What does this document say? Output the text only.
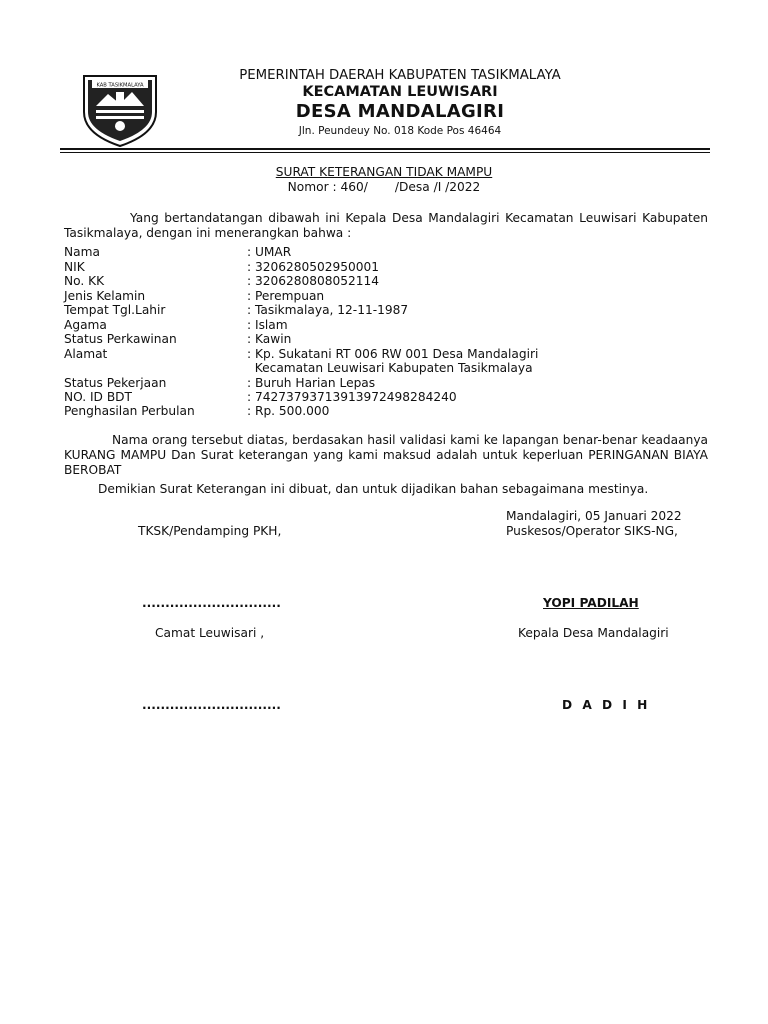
KAB TASIKMALAYA
PEMERINTAH DAERAH KABUPATEN TASIKMALAYA
KECAMATAN LEUWISARI
DESA MANDALAGIRI
Jln. Peundeuy No. 018 Kode Pos 46464
SURAT KETERANGAN TIDAK MAMPU
Nomor : 460/       /Desa /I /2022
Yang bertandatangan dibawah ini Kepala Desa Mandalagiri Kecamatan Leuwisari Kabupaten Tasikmalaya, dengan ini menerangkan bahwa :
Nama	: UMAR
NIK	: 3206280502950001
No. KK	: 3206280808052114
Jenis Kelamin	: Perempuan
Tempat Tgl.Lahir	: Tasikmalaya, 12-11-1987
Agama	: Islam
Status Perkawinan	: Kawin
Alamat	: Kp. Sukatani RT 006 RW 001 Desa Mandalagiri
Kecamatan Leuwisari Kabupaten Tasikmalaya
Status Pekerjaan	: Buruh Harian Lepas
NO. ID BDT	: 7427379371391397249828424​0
Penghasilan Perbulan	: Rp. 500.000
Nama orang tersebut diatas, berdasakan hasil validasi kami ke lapangan benar-benar keadaanya KURANG MAMPU Dan Surat keterangan yang kami maksud adalah untuk keperluan PERINGANAN BIAYA BEROBAT
Demikian Surat Keterangan ini dibuat, dan untuk dijadikan bahan sebagaimana mestinya.
Mandalagiri, 05 Januari 2022
TKSK/Pendamping PKH,	Puskesos/Operator SIKS-NG,
..............................	YOPI PADILAH
Camat Leuwisari ,	Kepala Desa Mandalagiri
..............................	D A D I H
